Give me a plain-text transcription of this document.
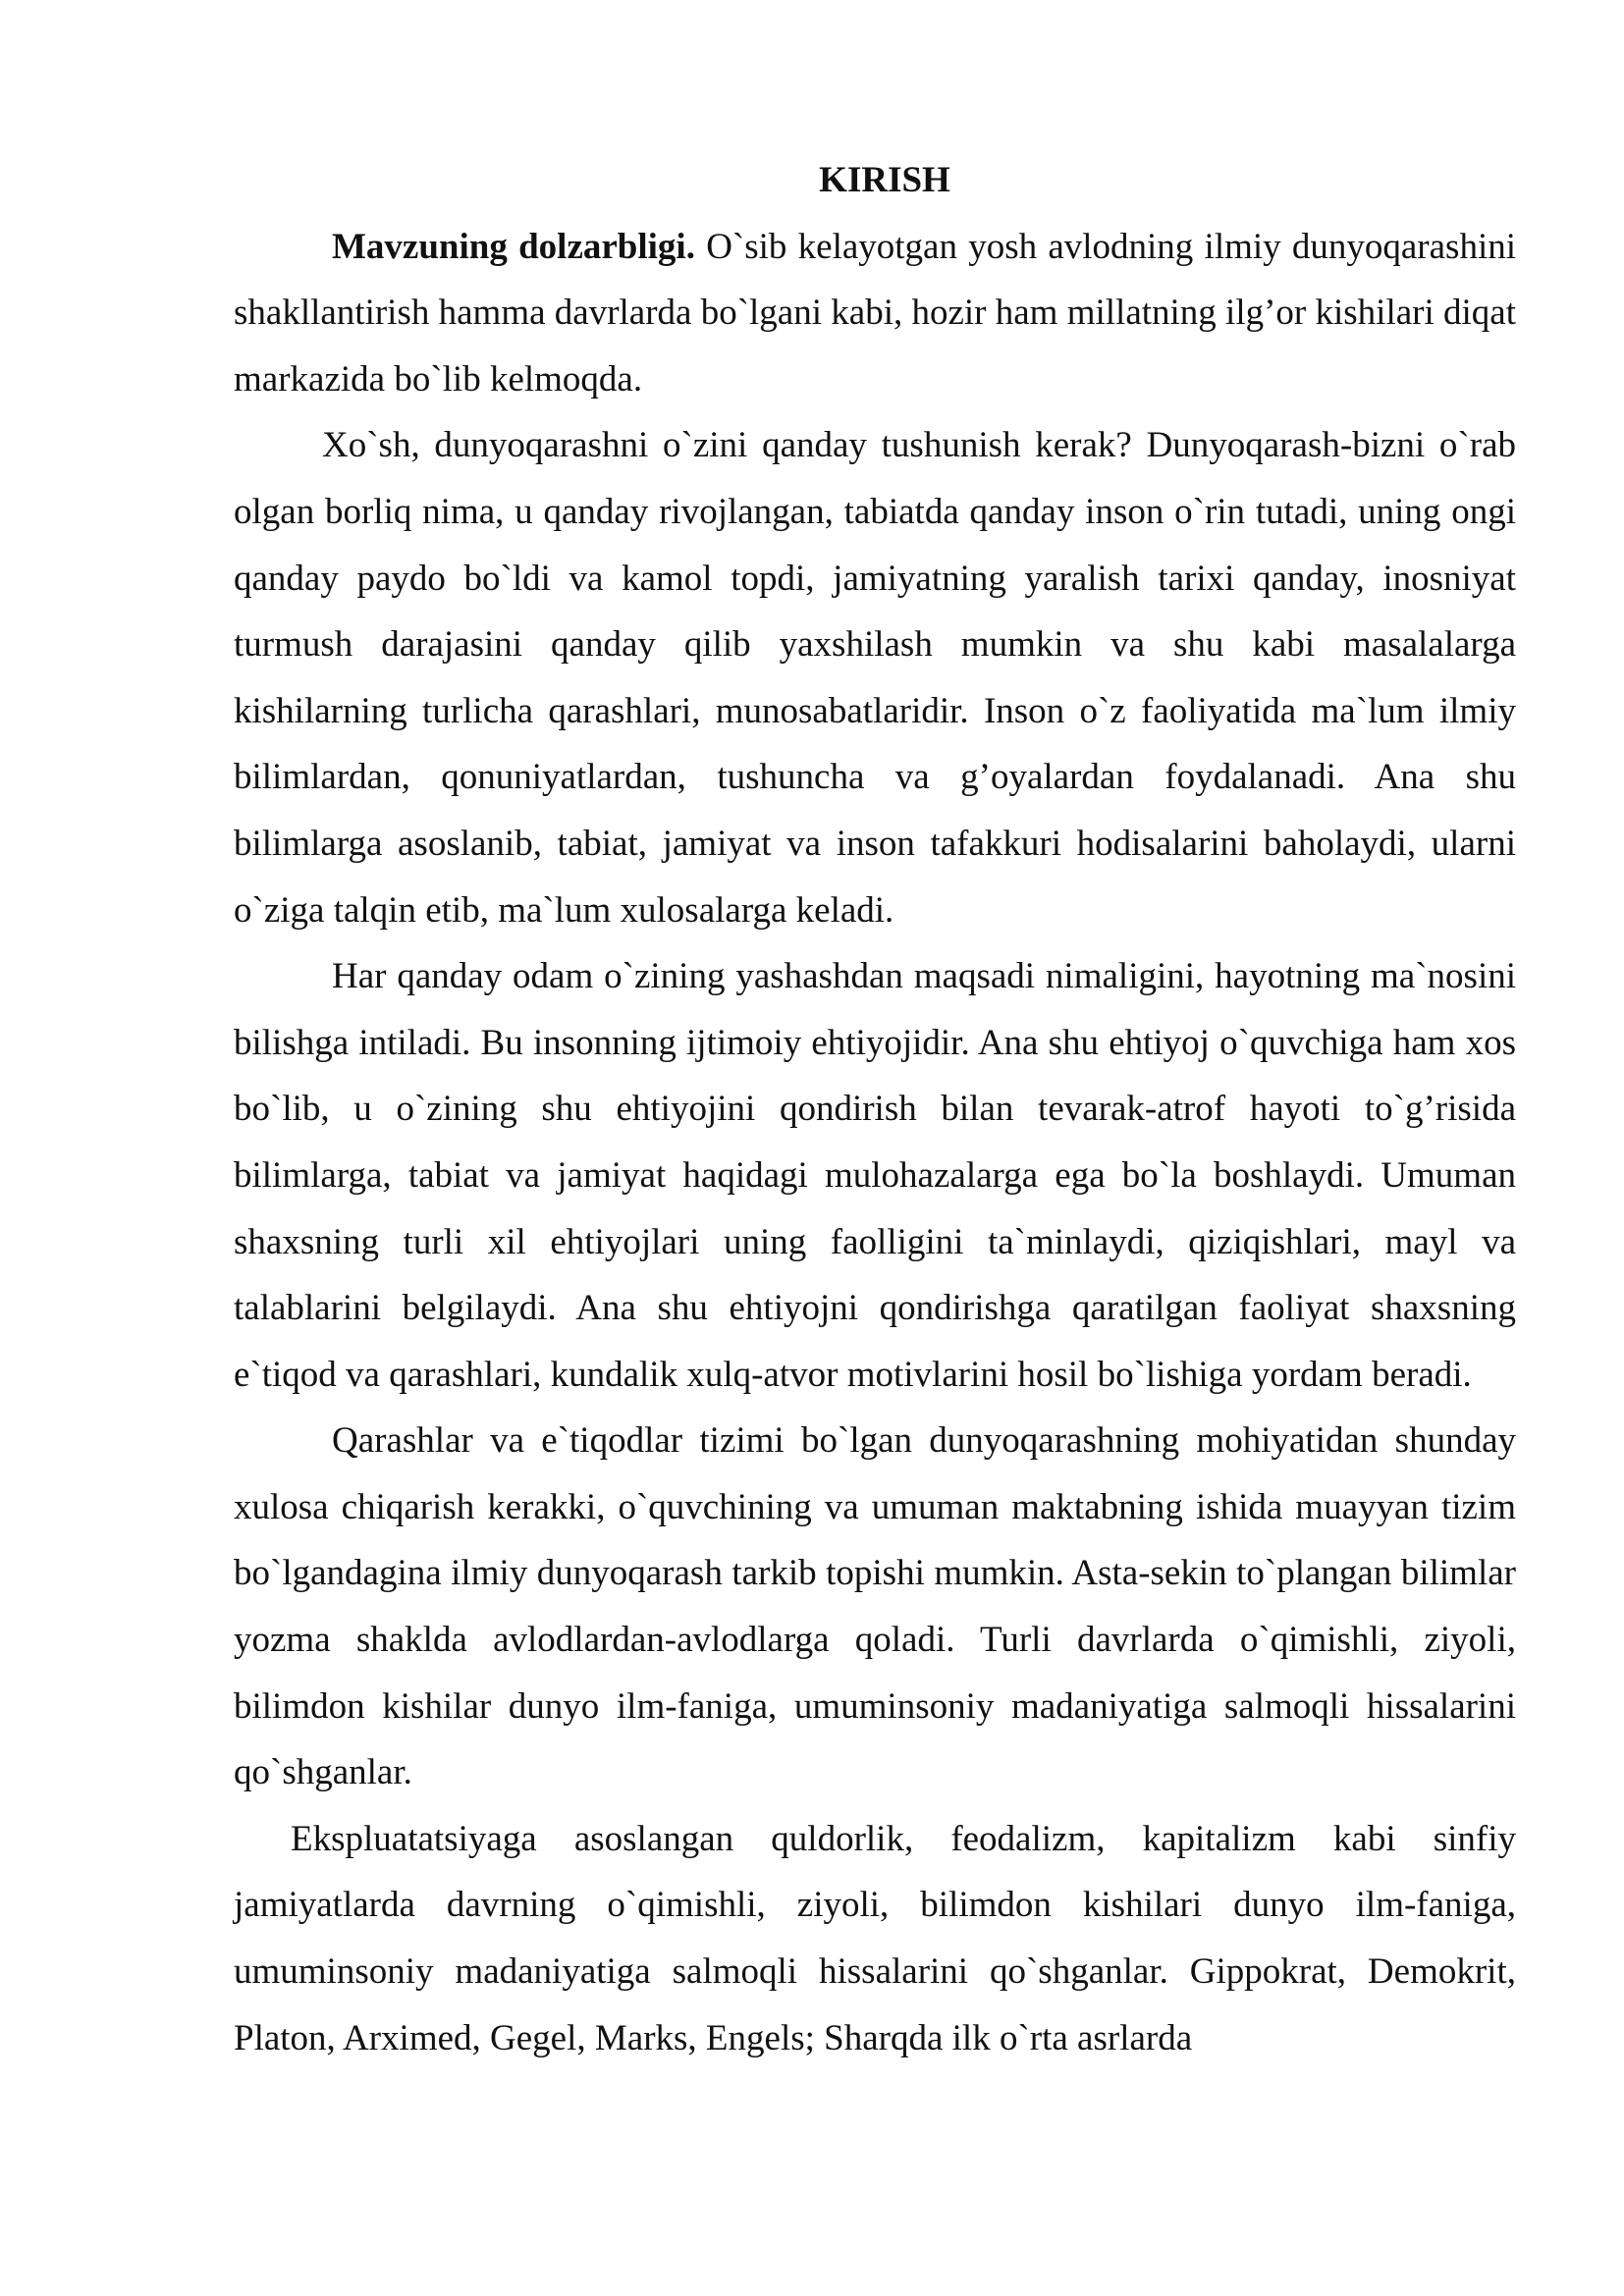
KIRISH

Mavzuning dolzarbligi. O`sib kelayotgan yosh avlodning ilmiy dunyoqarashini shakllantirish hamma davrlarda bo`lgani kabi, hozir ham millatning ilg’or kishilari diqat markazida bo`lib kelmoqda.

Xo`sh, dunyoqarashni o`zini qanday tushunish kerak? Dunyoqarash-bizni o`rab olgan borliq nima, u qanday rivojlangan, tabiatda qanday inson o`rin tutadi, uning ongi qanday paydo bo`ldi va kamol topdi, jamiyatning yaralish tarixi qanday, inosniyat turmush darajasini qanday qilib yaxshilash mumkin va shu kabi masalalarga kishilarning turlicha qarashlari, munosabatlaridir. Inson o`z faoliyatida ma`lum ilmiy bilimlardan, qonuniyatlardan, tushuncha va g’oyalardan foydalanadi. Ana shu bilimlarga asoslanib, tabiat, jamiyat va inson tafakkuri hodisalarini baholaydi, ularni o`ziga talqin etib, ma`lum xulosalarga keladi.

Har qanday odam o`zining yashashdan maqsadi nimaligini, hayotning ma`nosini bilishga intiladi. Bu insonning ijtimoiy ehtiyojidir. Ana shu ehtiyoj o`quvchiga ham xos bo`lib, u o`zining shu ehtiyojini qondirish bilan tevarak-atrof hayoti to`g’risida bilimlarga, tabiat va jamiyat haqidagi mulohazalarga ega bo`la boshlaydi. Umuman shaxsning turli xil ehtiyojlari uning faolligini ta`minlaydi, qiziqishlari, mayl va talablarini belgilaydi. Ana shu ehtiyojni qondirishga qaratilgan faoliyat shaxsning e`tiqod va qarashlari, kundalik xulq-atvor motivlarini hosil bo`lishiga yordam beradi.

Qarashlar va e`tiqodlar tizimi bo`lgan dunyoqarashning mohiyatidan shunday xulosa chiqarish kerakki, o`quvchining va umuman maktabning ishida muayyan tizim bo`lgandagina ilmiy dunyoqarash tarkib topishi mumkin. Asta-sekin to`plangan bilimlar yozma shaklda avlodlardan-avlodlarga qoladi. Turli davrlarda o`qimishli, ziyoli, bilimdon kishilar dunyo ilm-faniga, umuminsoniy madaniyatiga salmoqli hissalarini qo`shganlar.

Ekspluatatsiyaga asoslangan quldorlik, feodalizm, kapitalizm kabi sinfiy jamiyatlarda davrning o`qimishli, ziyoli, bilimdon kishilari dunyo ilm-faniga, umuminsoniy madaniyatiga salmoqli hissalarini qo`shganlar. Gippokrat, Demokrit, Platon, Arximed, Gegel, Marks, Engels; Sharqda ilk o`rta asrlarda
